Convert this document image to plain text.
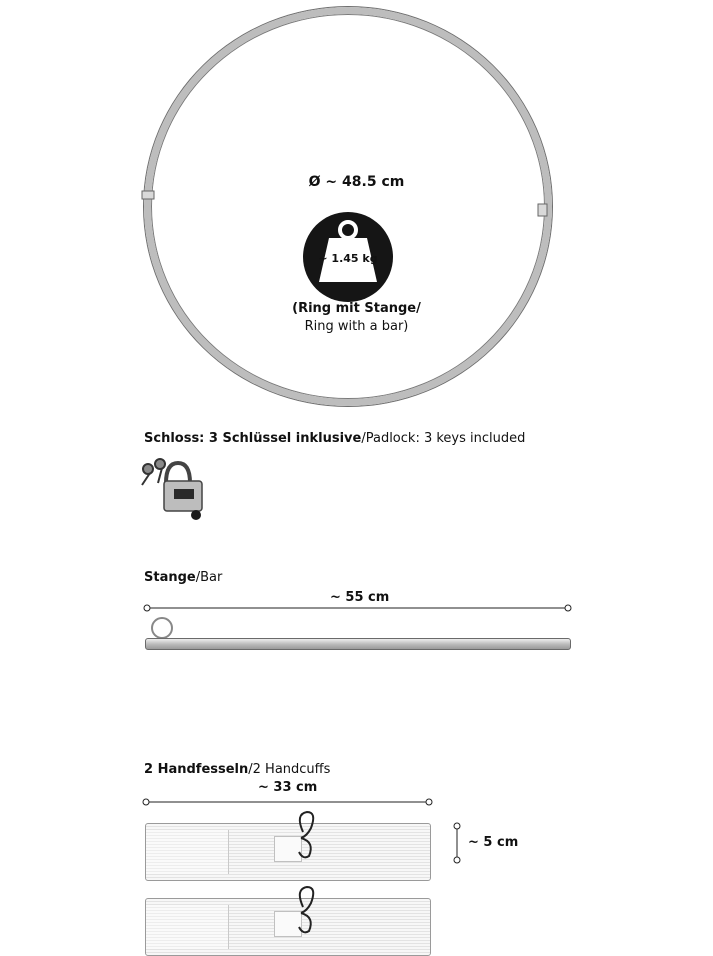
Ø ~ 48.5 cm
~ 1.45 kg
(Ring mit Stange/
Ring with a bar)
Schloss: 3 Schlüssel inklusive/Padlock: 3 keys included
Stange/Bar
~ 55 cm
2 Handfesseln/2 Handcuffs
~ 33 cm
~ 5 cm
